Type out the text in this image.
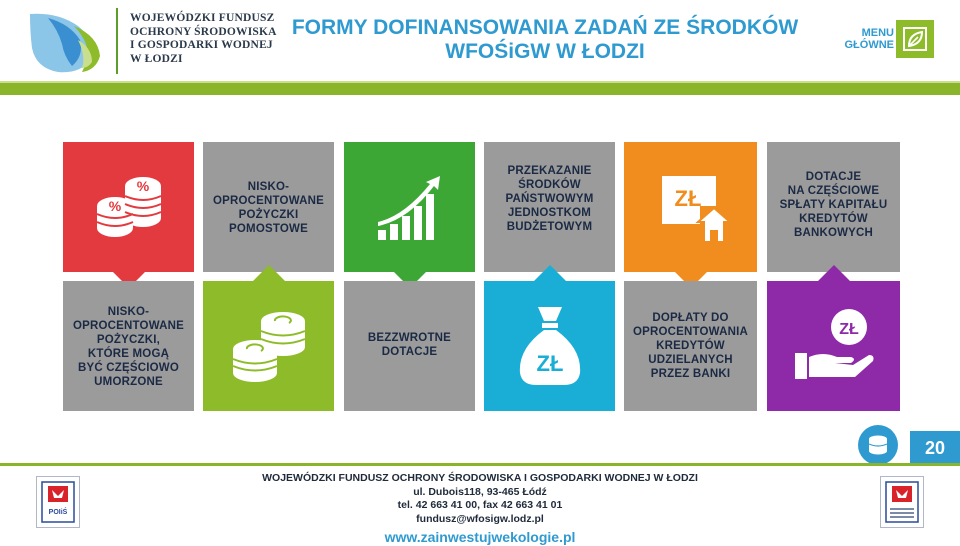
WOJEWÓDZKI FUNDUSZ
OCHRONY ŚRODOWISKA
I GOSPODARKI WODNEJ
W ŁODZI
FORMY DOFINANSOWANIA ZADAŃ ZE ŚRODKÓW
WFOŚiGW W ŁODZI
MENU
GŁÓWNE
%
%
NISKO-
OPROCENTOWANE
POŻYCZKI
POMOSTOWE
PRZEKAZANIE
ŚRODKÓW
PAŃSTWOWYM
JEDNOSTKOM
BUDŻETOWYM
ZŁ
DOTACJE
NA CZĘŚCIOWE
SPŁATY KAPITAŁU
KREDYTÓW
BANKOWYCH
NISKO-
OPROCENTOWANE
POŻYCZKI,
KTÓRE MOGĄ
BYĆ CZĘŚCIOWO
UMORZONE
BEZZWROTNE
DOTACJE	ZŁ
DOPŁATY DO
OPROCENTOWANIA
KREDYTÓW
UDZIELANYCH
PRZEZ BANKI
ZŁ
20
POIiŚ
WOJEWÓDZKI FUNDUSZ OCHRONY ŚRODOWISKA I GOSPODARKI WODNEJ W ŁODZI
ul. Dubois118, 93-465 Łódź
tel. 42 663 41 00, fax 42 663 41 01
fundusz@wfosigw.lodz.pl
www.zainwestujwekologie.pl
